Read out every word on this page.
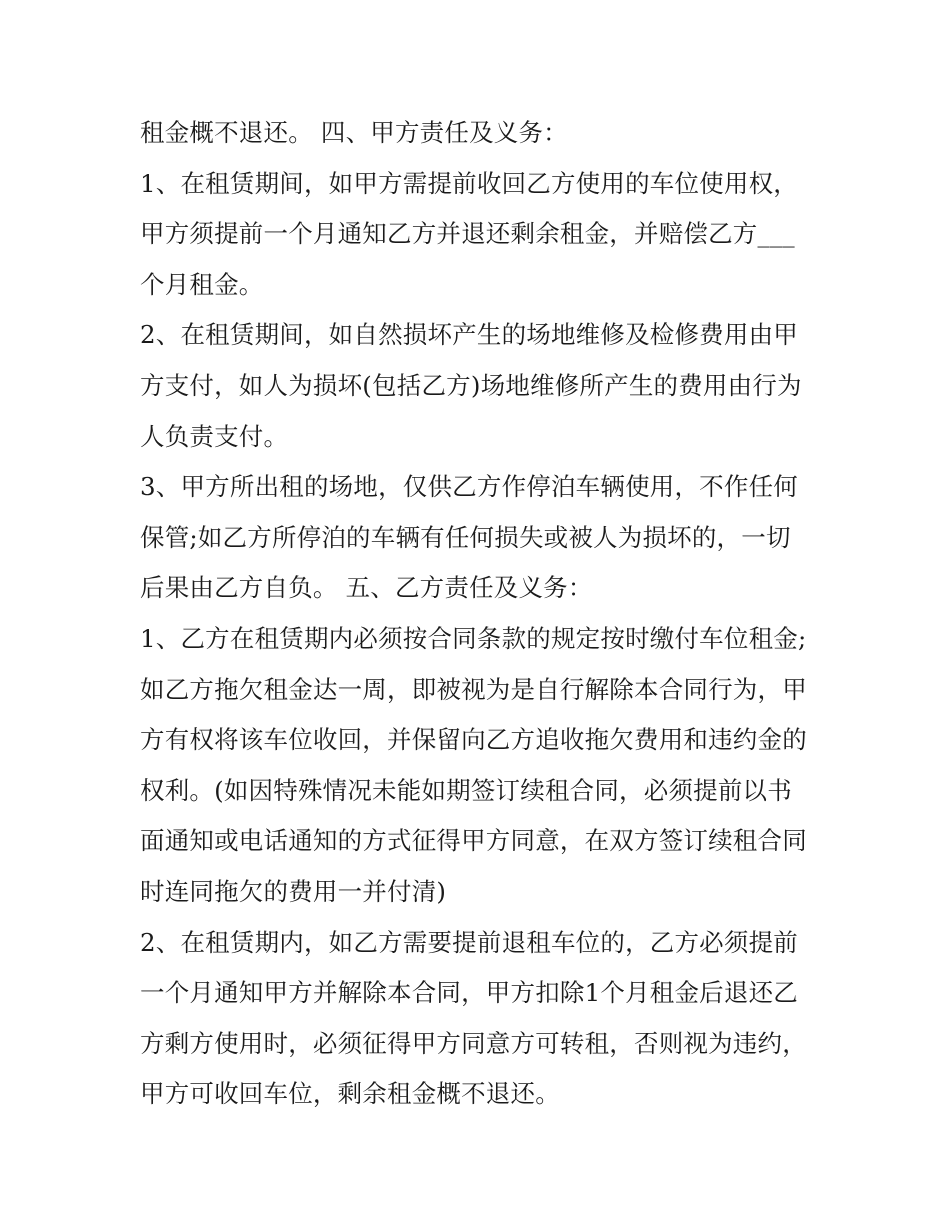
租金概不退还。 四、甲方责任及义务：
1、在租赁期间，如甲方需提前收回乙方使用的车位使用权，
甲方须提前一个月通知乙方并退还剩余租金，并赔偿乙方___
个月租金。
2、在租赁期间，如自然损坏产生的场地维修及检修费用由甲
方支付，如人为损坏(包括乙方)场地维修所产生的费用由行为
人负责支付。
3、甲方所出租的场地，仅供乙方作停泊车辆使用，不作任何
保管;如乙方所停泊的车辆有任何损失或被人为损坏的，一切
后果由乙方自负。 五、乙方责任及义务：
1、乙方在租赁期内必须按合同条款的规定按时缴付车位租金;
如乙方拖欠租金达一周，即被视为是自行解除本合同行为，甲
方有权将该车位收回，并保留向乙方追收拖欠费用和违约金的
权利。(如因特殊情况未能如期签订续租合同，必须提前以书
面通知或电话通知的方式征得甲方同意，在双方签订续租合同
时连同拖欠的费用一并付清)
2、在租赁期内，如乙方需要提前退租车位的，乙方必须提前
一个月通知甲方并解除本合同，甲方扣除1个月租金后退还乙
方剩方使用时，必须征得甲方同意方可转租，否则视为违约，
甲方可收回车位，剩余租金概不退还。
